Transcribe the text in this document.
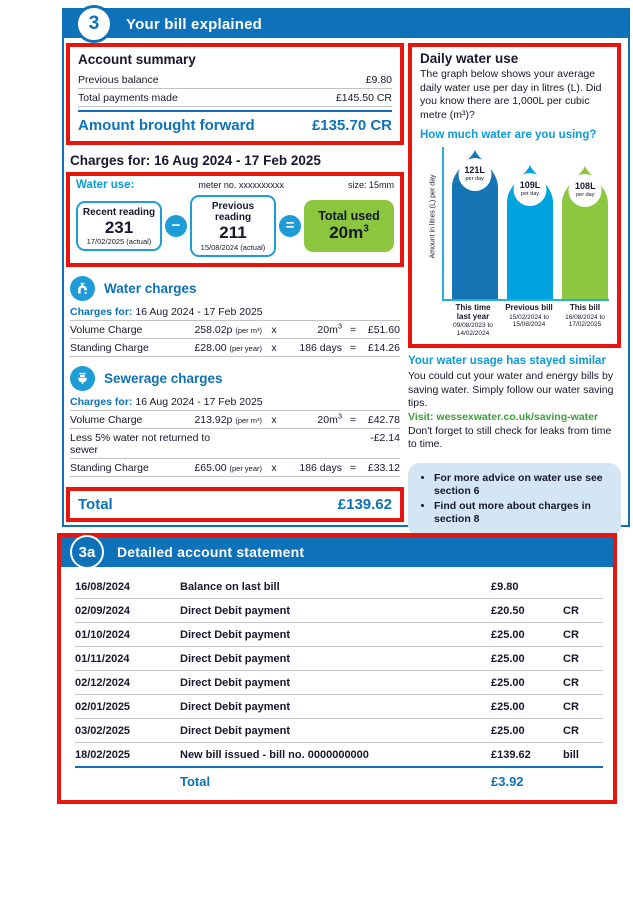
3	Your bill explained
Account summary
Previous balance	£9.80
Total payments made	£145.50 CR
Amount brought forward	£135.70 CR
Charges for: 16 Aug 2024 - 17 Feb 2025
Water use:	meter no. xxxxxxxxxx	size: 15mm
Recent reading
231
17/02/2025 (actual)
−
Previous reading
211
15/08/2024 (actual)
=
Total used
$20m^3$
Water charges
Charges for: 16 Aug 2024 - 17 Feb 2025
Volume Charge	258.02p (per m³) x	$20m^3$ =	£51.60
Standing Charge	£28.00 (per year) x	186 days =	£14.26
Sewerage charges
Charges for: 16 Aug 2024 - 17 Feb 2025
Volume Charge	213.92p (per m³) x	$20m^3$ =	£42.78
Less 5% water not returned to sewer
-£2.14
Standing Charge	£65.00 (per year) x	186 days =	£33.12
Total	£139.62
Daily water use
The graph below shows your average daily water use per day in litres (L). Did you know there are 1,000L per cubic metre (m³)?
How much water are you using?
Amount in litres (L) per day
121L
per day
109L
per day
108L
per day
This time last year
09/08/2023 to 14/02/2024
Previous bill
15/02/2024 to 15/08/2024
This bill
16/08/2024 to 17/02/2025
Your water usage has stayed similar
You could cut your water and energy bills by saving water. Simply follow our water saving tips.
Visit: wessexwater.co.uk/saving-water
Don't forget to still check for leaks from time to time.
• For more advice on water use see section 6
• Find out more about charges in section 8
3a	Detailed account statement
16/08/2024	Balance on last bill	£9.80
02/09/2024	Direct Debit payment	£20.50	CR
01/10/2024	Direct Debit payment	£25.00	CR
01/11/2024	Direct Debit payment	£25.00	CR
02/12/2024	Direct Debit payment	£25.00	CR
02/01/2025	Direct Debit payment	£25.00	CR
03/02/2025	Direct Debit payment	£25.00	CR
18/02/2025	New bill issued - bill no. 0000000000	£139.62	bill
Total	£3.92
